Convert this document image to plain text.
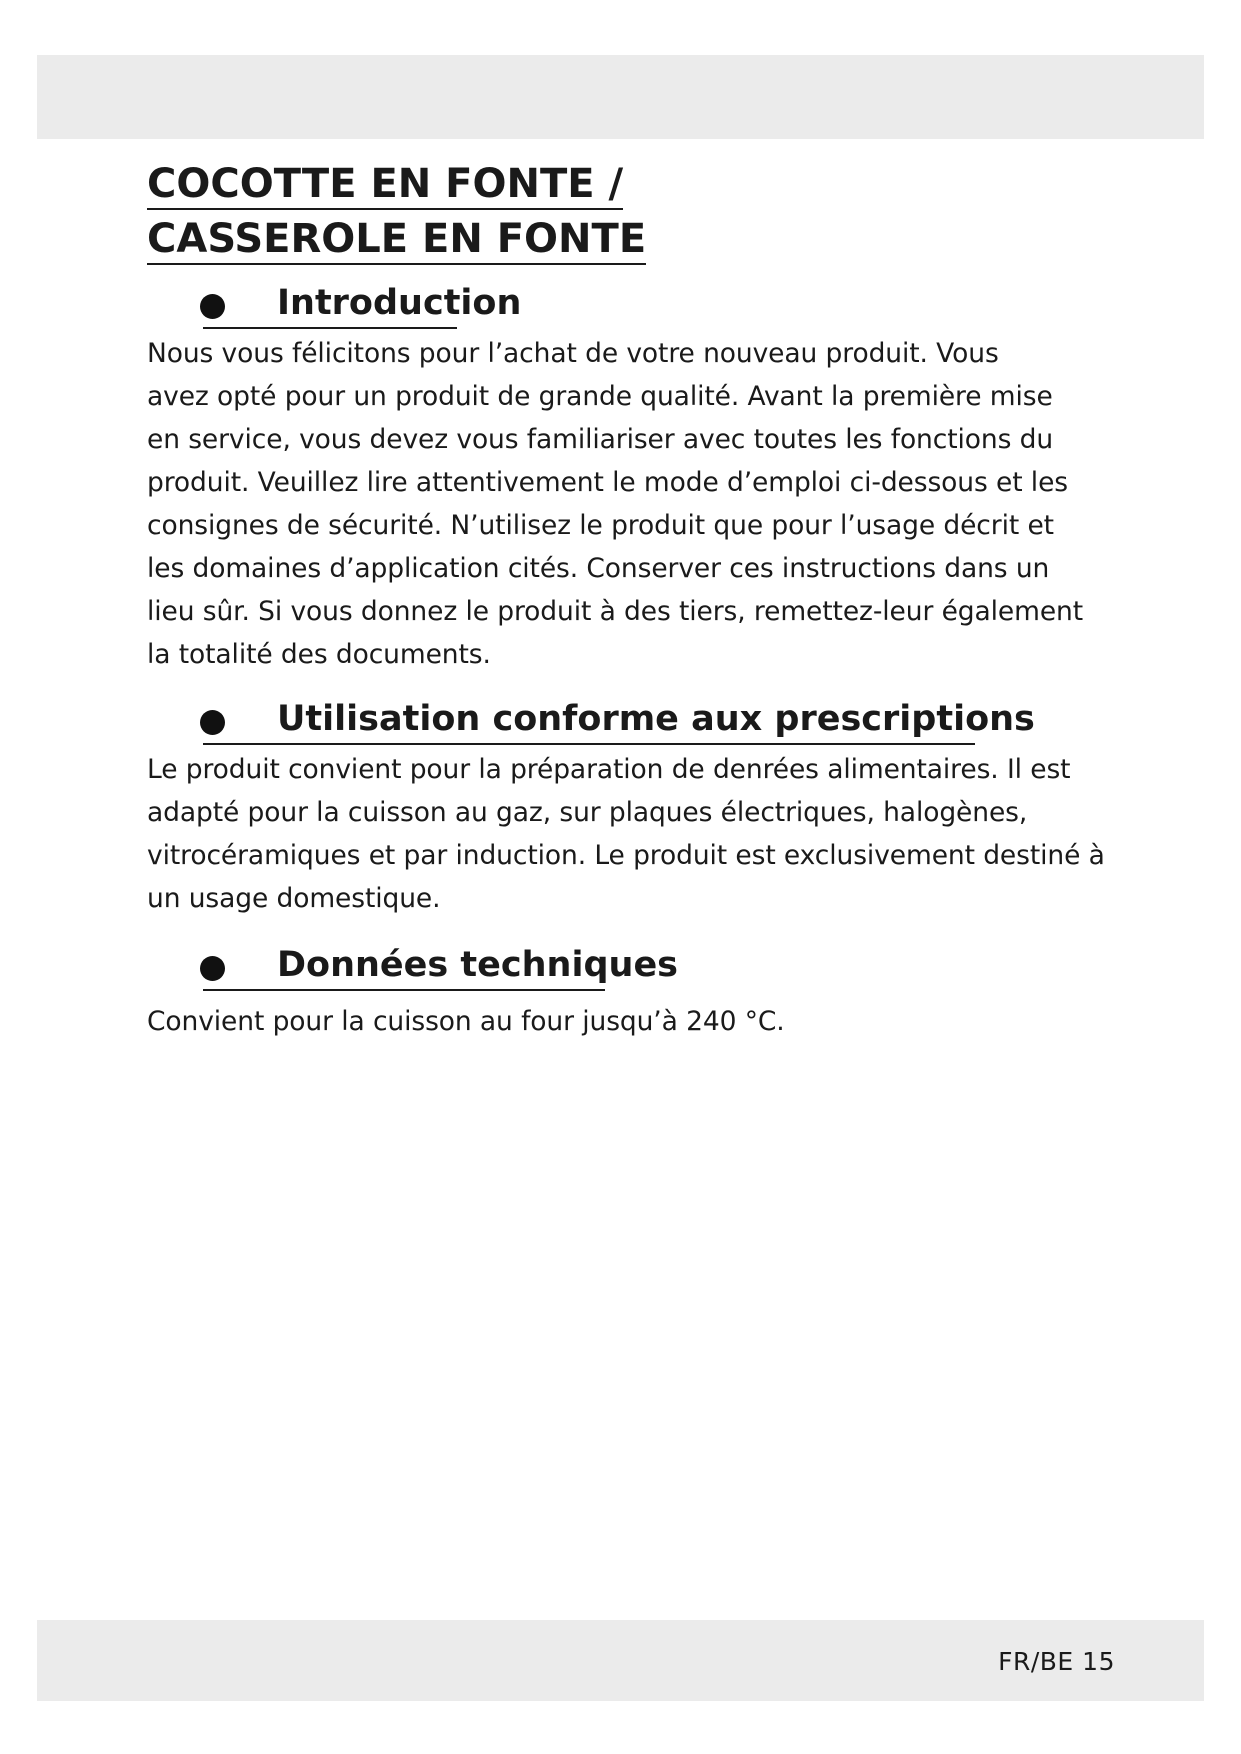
COCOTTE EN FONTE /
CASSEROLE EN FONTE
Introduction

Nous vous félicitons pour l’achat de votre nouveau produit. Vous
avez opté pour un produit de grande qualité. Avant la première mise
en service, vous devez vous familiariser avec toutes les fonctions du
produit. Veuillez lire attentivement le mode d’emploi ci-dessous et les
consignes de sécurité. N’utilisez le produit que pour l’usage décrit et
les domaines d’application cités. Conserver ces instructions dans un
lieu sûr. Si vous donnez le produit à des tiers, remettez-leur également
la totalité des documents.

Utilisation conforme aux prescriptions

Le produit convient pour la préparation de denrées alimentaires. Il est
adapté pour la cuisson au gaz, sur plaques électriques, halogènes,
vitrocéramiques et par induction. Le produit est exclusivement destiné à
un usage domestique.

Données techniques

Convient pour la cuisson au four jusqu’à 240 °C.

FR/BE 15
